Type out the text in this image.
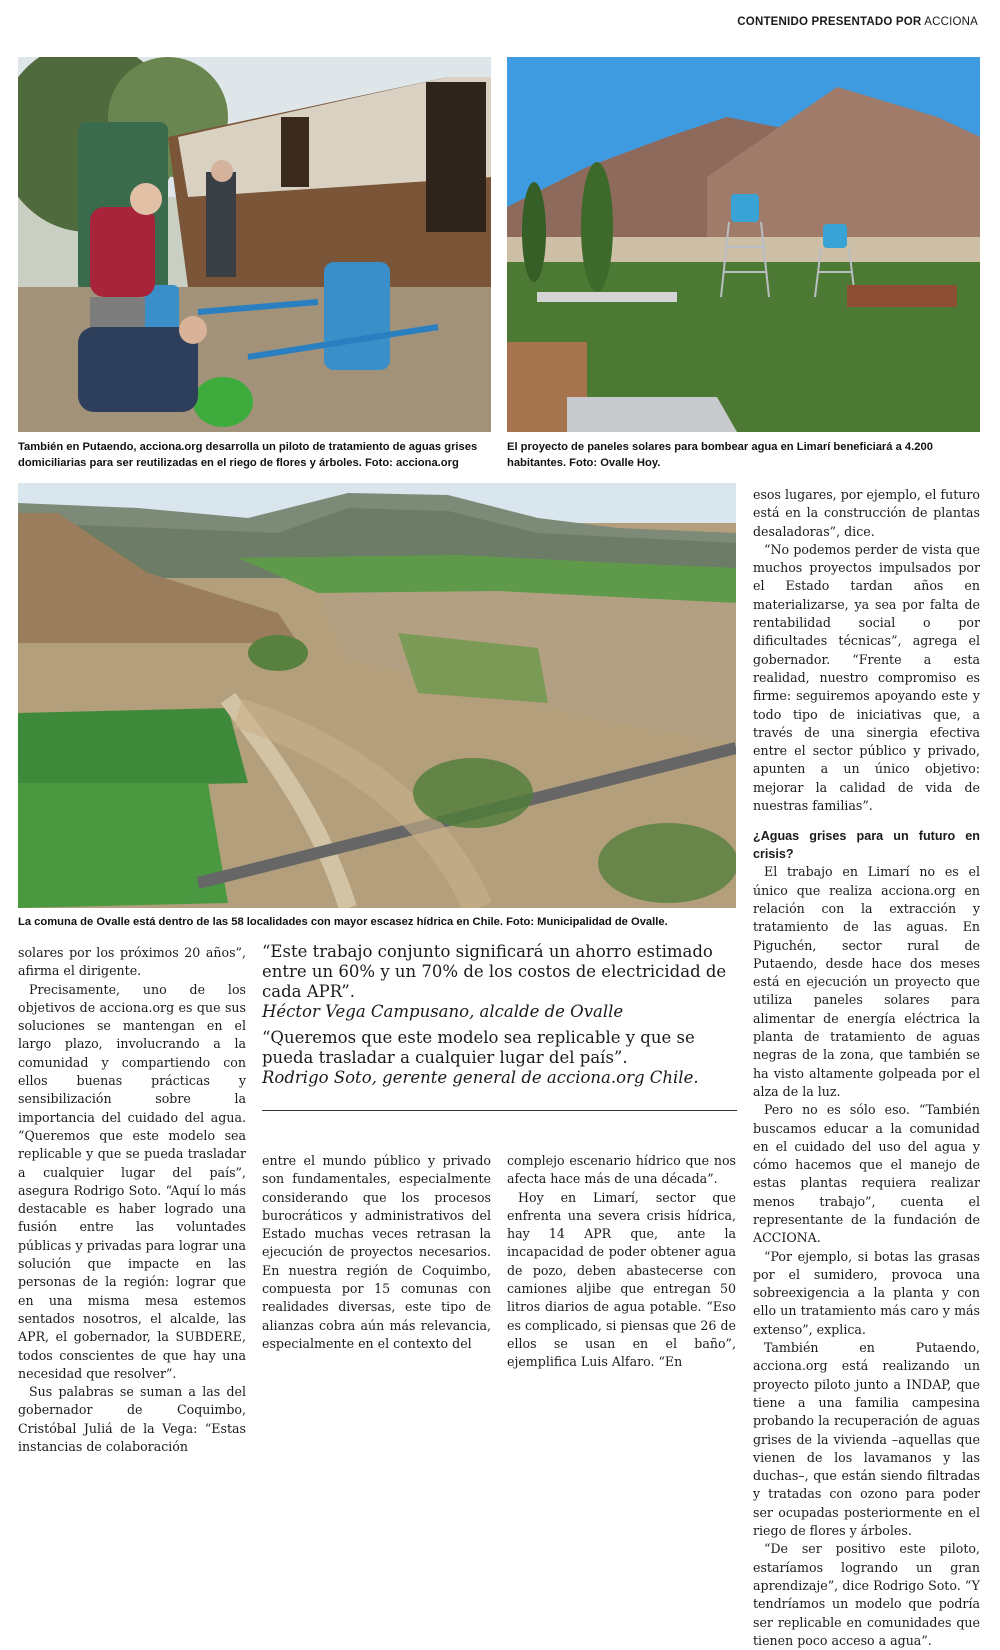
CONTENIDO PRESENTADO POR ACCIONA
También en Putaendo, acciona.org desarrolla un piloto de tratamiento de aguas grises domiciliarias para ser reutilizadas en el riego de flores y árboles. Foto: acciona.org
El proyecto de paneles solares para bombear agua en Limarí beneficiará a 4.200 habitantes. Foto: Ovalle Hoy.
La comuna de Ovalle está dentro de las 58 localidades con mayor escasez hídrica en Chile. Foto: Municipalidad de Ovalle.

esos lugares, por ejemplo, el futuro está en la construcción de plantas desaladoras”, dice.

“No podemos perder de vista que muchos proyectos impulsados por el Estado tardan años en materializarse, ya sea por falta de rentabilidad social o por dificultades técnicas”, agrega el gobernador. “Frente a esta realidad, nuestro compromiso es firme: seguiremos apoyando este y todo tipo de iniciativas que, a través de una sinergia efectiva entre el sector público y privado, apunten a un único objetivo: mejorar la calidad de vida de nuestras familias”.

¿Aguas grises para un futuro en crisis?

El trabajo en Limarí no es el único que realiza acciona.org en relación con la extracción y tratamiento de las aguas. En Piguchén, sector rural de Putaendo, desde hace dos meses está en ejecución un proyecto que utiliza paneles solares para alimentar de energía eléctrica la planta de tratamiento de aguas negras de la zona, que también se ha visto altamente golpeada por el alza de la luz.

Pero no es sólo eso. “También buscamos educar a la comunidad en el cuidado del uso del agua y cómo hacemos que el manejo de estas plantas requiera realizar menos trabajo”, cuenta el representante de la fundación de ACCIONA.

“Por ejemplo, si botas las grasas por el sumidero, provoca una sobreexigencia a la planta y con ello un tratamiento más caro y más extenso”, explica.

También en Putaendo, acciona.org está realizando un proyecto piloto junto a INDAP, que tiene a una familia campesina probando la recuperación de aguas grises de la vivienda –aquellas que vienen de los lavamanos y las duchas–, que están siendo filtradas y tratadas con ozono para poder ser ocupadas posteriormente en el riego de flores y árboles.

“De ser positivo este piloto, estaríamos logrando un gran aprendizaje”, dice Rodrigo Soto. “Y tendríamos un modelo que podría ser replicable en comunidades que tienen poco acceso a agua”.

solares por los próximos 20 años”, afirma el dirigente.

Precisamente, uno de los objetivos de acciona.org es que sus soluciones se mantengan en el largo plazo, involucrando a la comunidad y compartiendo con ellos buenas prácticas y sensibilización sobre la importancia del cuidado del agua. “Queremos que este modelo sea replicable y que se pueda trasladar a cualquier lugar del país”, asegura Rodrigo Soto. “Aquí lo más destacable es haber logrado una fusión entre las voluntades públicas y privadas para lograr una solución que impacte en las personas de la región: lograr que en una misma mesa estemos sentados nosotros, el alcalde, las APR, el gobernador, la SUBDERE, todos conscientes de que hay una necesidad que resolver”.

Sus palabras se suman a las del gobernador de Coquimbo, Cristóbal Juliá de la Vega: “Estas instancias de colaboración

“Este trabajo conjunto significará un ahorro estimado entre un 60% y un 70% de los costos de electricidad de cada APR”.

Héctor Vega Campusano, alcalde de Ovalle

“Queremos que este modelo sea replicable y que se pueda trasladar a cualquier lugar del país”.

Rodrigo Soto, gerente general de acciona.org Chile.

entre el mundo público y privado son fundamentales, especialmente considerando que los procesos burocráticos y administrativos del Estado muchas veces retrasan la ejecución de proyectos necesarios. En nuestra región de Coquimbo, compuesta por 15 comunas con realidades diversas, este tipo de alianzas cobra aún más relevancia, especialmente en el contexto del

complejo escenario hídrico que nos afecta hace más de una década”.

Hoy en Limarí, sector que enfrenta una severa crisis hídrica, hay 14 APR que, ante la incapacidad de poder obtener agua de pozo, deben abastecerse con camiones aljibe que entregan 50 litros diarios de agua potable. “Eso es complicado, si piensas que 26 de ellos se usan en el baño”, ejemplifica Luis Alfaro. “En
